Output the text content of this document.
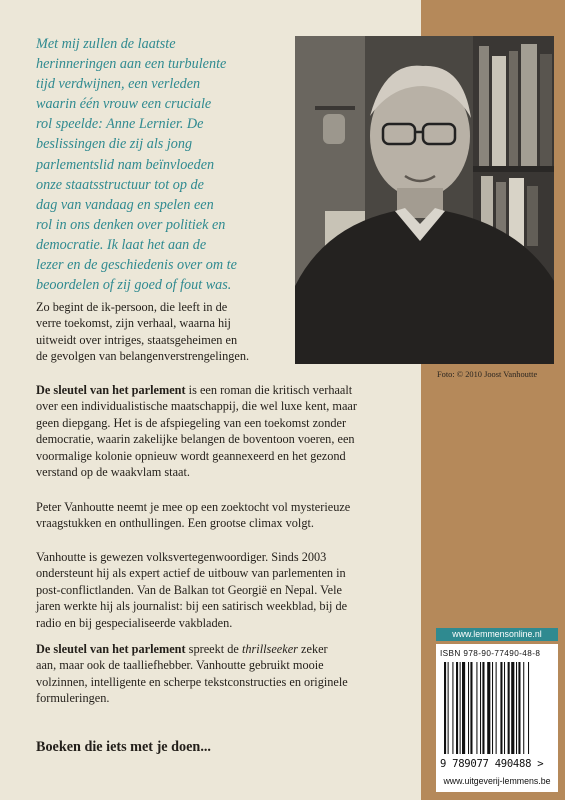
Met mij zullen de laatste

herinneringen aan een turbulente

tijd verdwijnen, een verleden

waarin één vrouw een cruciale

rol speelde: Anne Lernier. De

beslissingen die zij als jong

parlementslid nam beïnvloeden

onze staatsstructuur tot op de

dag van vandaag en spelen een

rol in ons denken over politiek en

democratie. Ik laat het aan de

lezer en de geschiedenis over om te

beoordelen of zij goed of fout was.

Foto: © 2010 Joost Vanhoutte

Zo begint de ik-persoon, die leeft in de

verre toekomst, zijn verhaal, waarna hij

uitweidt over intriges, staatsgeheimen en

de gevolgen van belangenverstrengelingen.

De sleutel van het parlement is een roman die kritisch verhaalt

over een individualistische maatschappij, die wel luxe kent, maar

geen diepgang. Het is de afspiegeling van een toekomst zonder

democratie, waarin zakelijke belangen de boventoon voeren, een

voormalige kolonie opnieuw wordt geannexeerd en het gezond

verstand op de waakvlam staat.

Peter Vanhoutte neemt je mee op een zoektocht vol mysterieuze

vraagstukken en onthullingen. Een grootse climax volgt.

Vanhoutte is gewezen volksvertegenwoordiger. Sinds 2003

ondersteunt hij als expert actief de uitbouw van parlementen in

post-conflictlanden. Van de Balkan tot Georgië en Nepal. Vele

jaren werkte hij als journalist: bij een satirisch weekblad, bij de

radio en bij gespecialiseerde vakbladen.

De sleutel van het parlement spreekt de thrillseeker zeker

aan, maar ook de taalliefhebber. Vanhoutte gebruikt mooie

volzinnen, intelligente en scherpe tekstconstructies en originele

formuleringen.

Boeken die iets met je doen...
www.lemmensonline.nl
ISBN 978-90-77490-48-8
9 789077 490488 >
www.uitgeverij-lemmens.be
